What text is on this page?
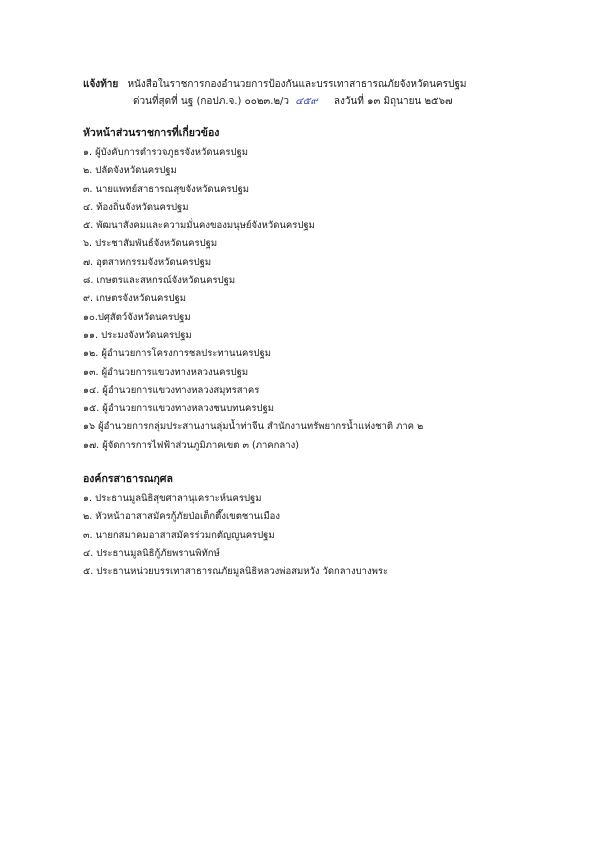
แจ้งท้าย หนังสือในราชการกองอำนวยการป้องกันและบรรเทาสาธารณภัยจังหวัดนครปฐม
ด่วนที่สุดที่ นฐ (กอปภ.จ.) ๐๐๒๓.๒/ว ๔๕๙ ลงวันที่ ๑๓ มิถุนายน ๒๕๖๗
หัวหน้าส่วนราชการที่เกี่ยวข้อง
๑. ผู้บังคับการตำรวจภูธรจังหวัดนครปฐม
๒. ปลัดจังหวัดนครปฐม
๓. นายแพทย์สาธารณสุขจังหวัดนครปฐม
๔. ท้องถิ่นจังหวัดนครปฐม
๕. พัฒนาสังคมและความมั่นคงของมนุษย์จังหวัดนครปฐม
๖. ประชาสัมพันธ์จังหวัดนครปฐม
๗. อุตสาหกรรมจังหวัดนครปฐม
๘. เกษตรและสหกรณ์จังหวัดนครปฐม
๙. เกษตรจังหวัดนครปฐม
๑๐.ปศุสัตว์จังหวัดนครปฐม
๑๑. ประมงจังหวัดนครปฐม
๑๒. ผู้อำนวยการโครงการชลประทานนครปฐม
๑๓. ผู้อำนวยการแขวงทางหลวงนครปฐม
๑๔. ผู้อำนวยการแขวงทางหลวงสมุทรสาคร
๑๕. ผู้อำนวยการแขวงทางหลวงชนบทนครปฐม
๑๖ ผู้อำนวยการกลุ่มประสานงานลุ่มน้ำท่าจีน สำนักงานทรัพยากรน้ำแห่งชาติ ภาค ๒
๑๗. ผู้จัดการการไฟฟ้าส่วนภูมิภาคเขต ๓ (ภาคกลาง)
องค์กรสาธารณกุศล
๑. ประธานมูลนิธิสุขศาลานุเคราะห์นครปฐม
๒. หัวหน้าอาสาสมัครกู้ภัยป่อเต็กตึ๊งเขตชานเมือง
๓. นายกสมาคมอาสาสมัครร่วมกตัญญูนครปฐม
๔. ประธานมูลนิธิกู้ภัยพรานพิทักษ์
๕. ประธานหน่วยบรรเทาสาธารณภัยมูลนิธิหลวงพ่อสมหวัง วัดกลางบางพระ
